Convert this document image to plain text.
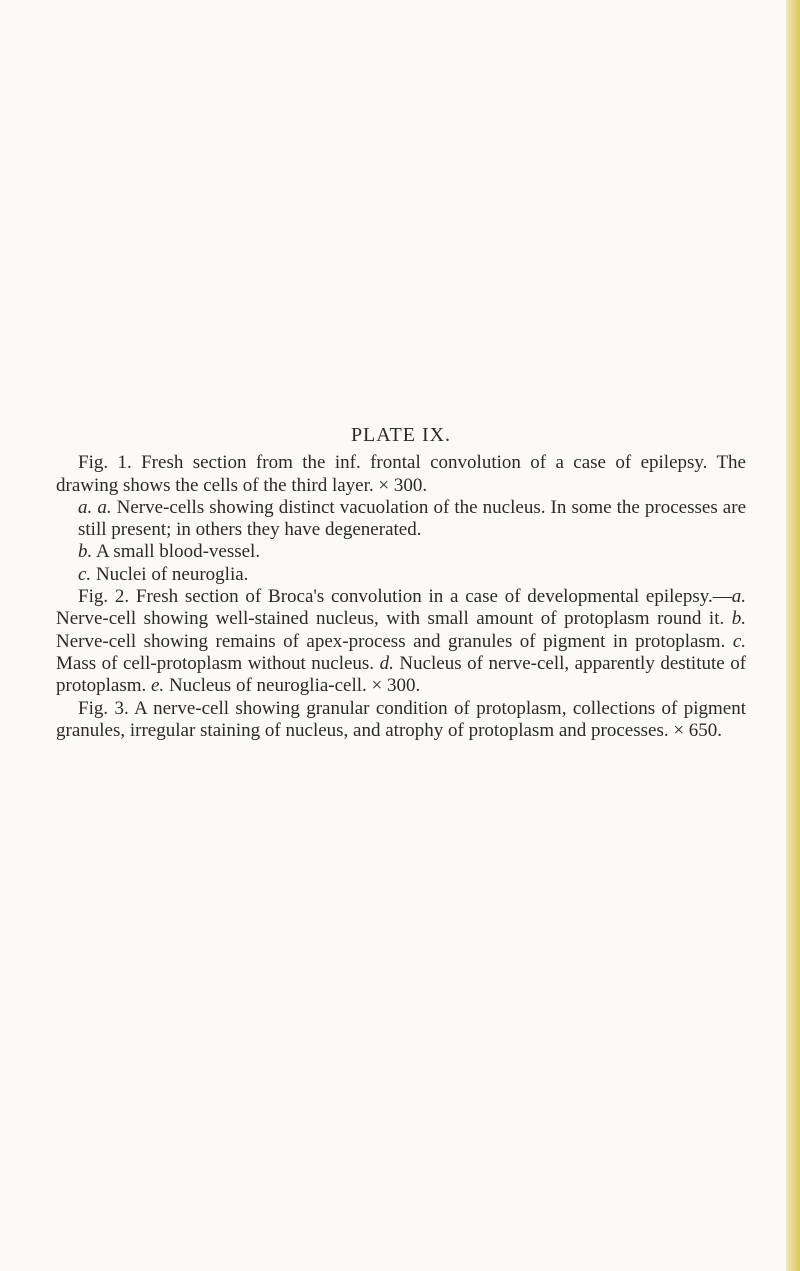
PLATE IX.

Fig. 1. Fresh section from the inf. frontal convolution of a case of epilepsy. The drawing shows the cells of the third layer. × 300.

a. a. Nerve-cells showing distinct vacuolation of the nucleus. In some the processes are still present; in others they have degenerated.

b. A small blood-vessel.

c. Nuclei of neuroglia.

Fig. 2. Fresh section of Broca's convolution in a case of developmental epilepsy.—a. Nerve-cell showing well-stained nucleus, with small amount of protoplasm round it. b. Nerve-cell showing remains of apex-process and granules of pigment in protoplasm. c. Mass of cell-protoplasm without nucleus. d. Nucleus of nerve-cell, apparently destitute of protoplasm. e. Nucleus of neuroglia-cell. × 300.

Fig. 3. A nerve-cell showing granular condition of protoplasm, collections of pigment granules, irregular staining of nucleus, and atrophy of protoplasm and processes. × 650.
